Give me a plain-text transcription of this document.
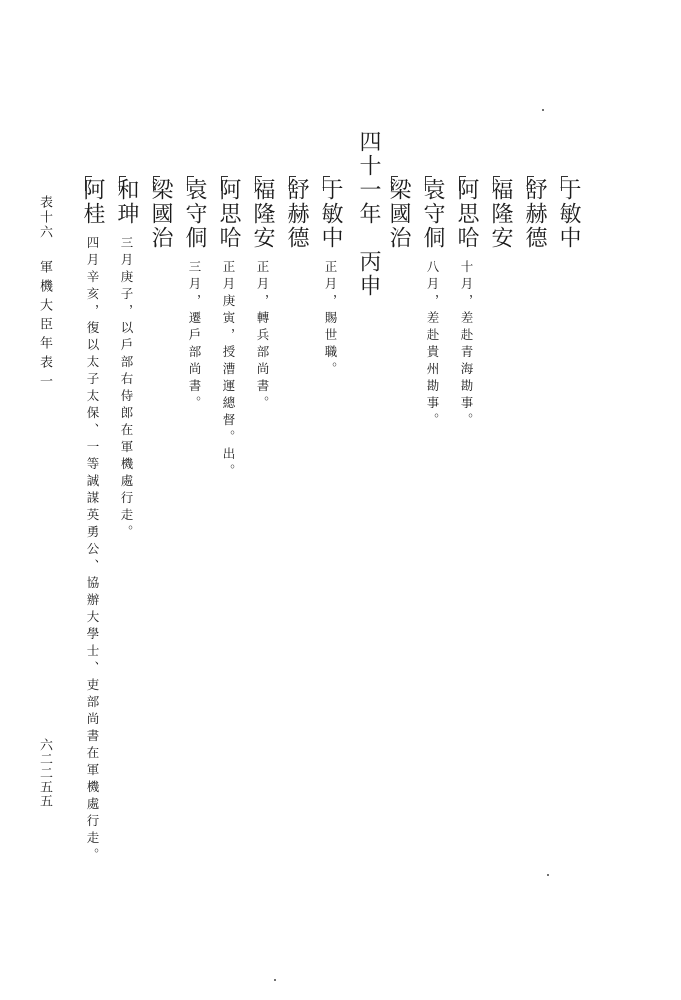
于敏中
舒赫德
福隆安
阿思哈十月，差赴青海勘事。
袁守侗八月，差赴貴州勘事。
梁國治
四十一年　丙申
于敏中正月，賜世職。
舒赫德
福隆安正月，轉兵部尚書。
阿思哈正月庚寅，授漕運總督。出。
袁守侗三月，遷戶部尚書。
梁國治
和珅三月庚子，以戶部右侍郎在軍機處行走。
阿桂四月辛亥，復以太子太保、一等誠謀英勇公、協辦大學士、吏部尚書在軍機處行走。
表十六
軍機大臣年表一
六二二五五
